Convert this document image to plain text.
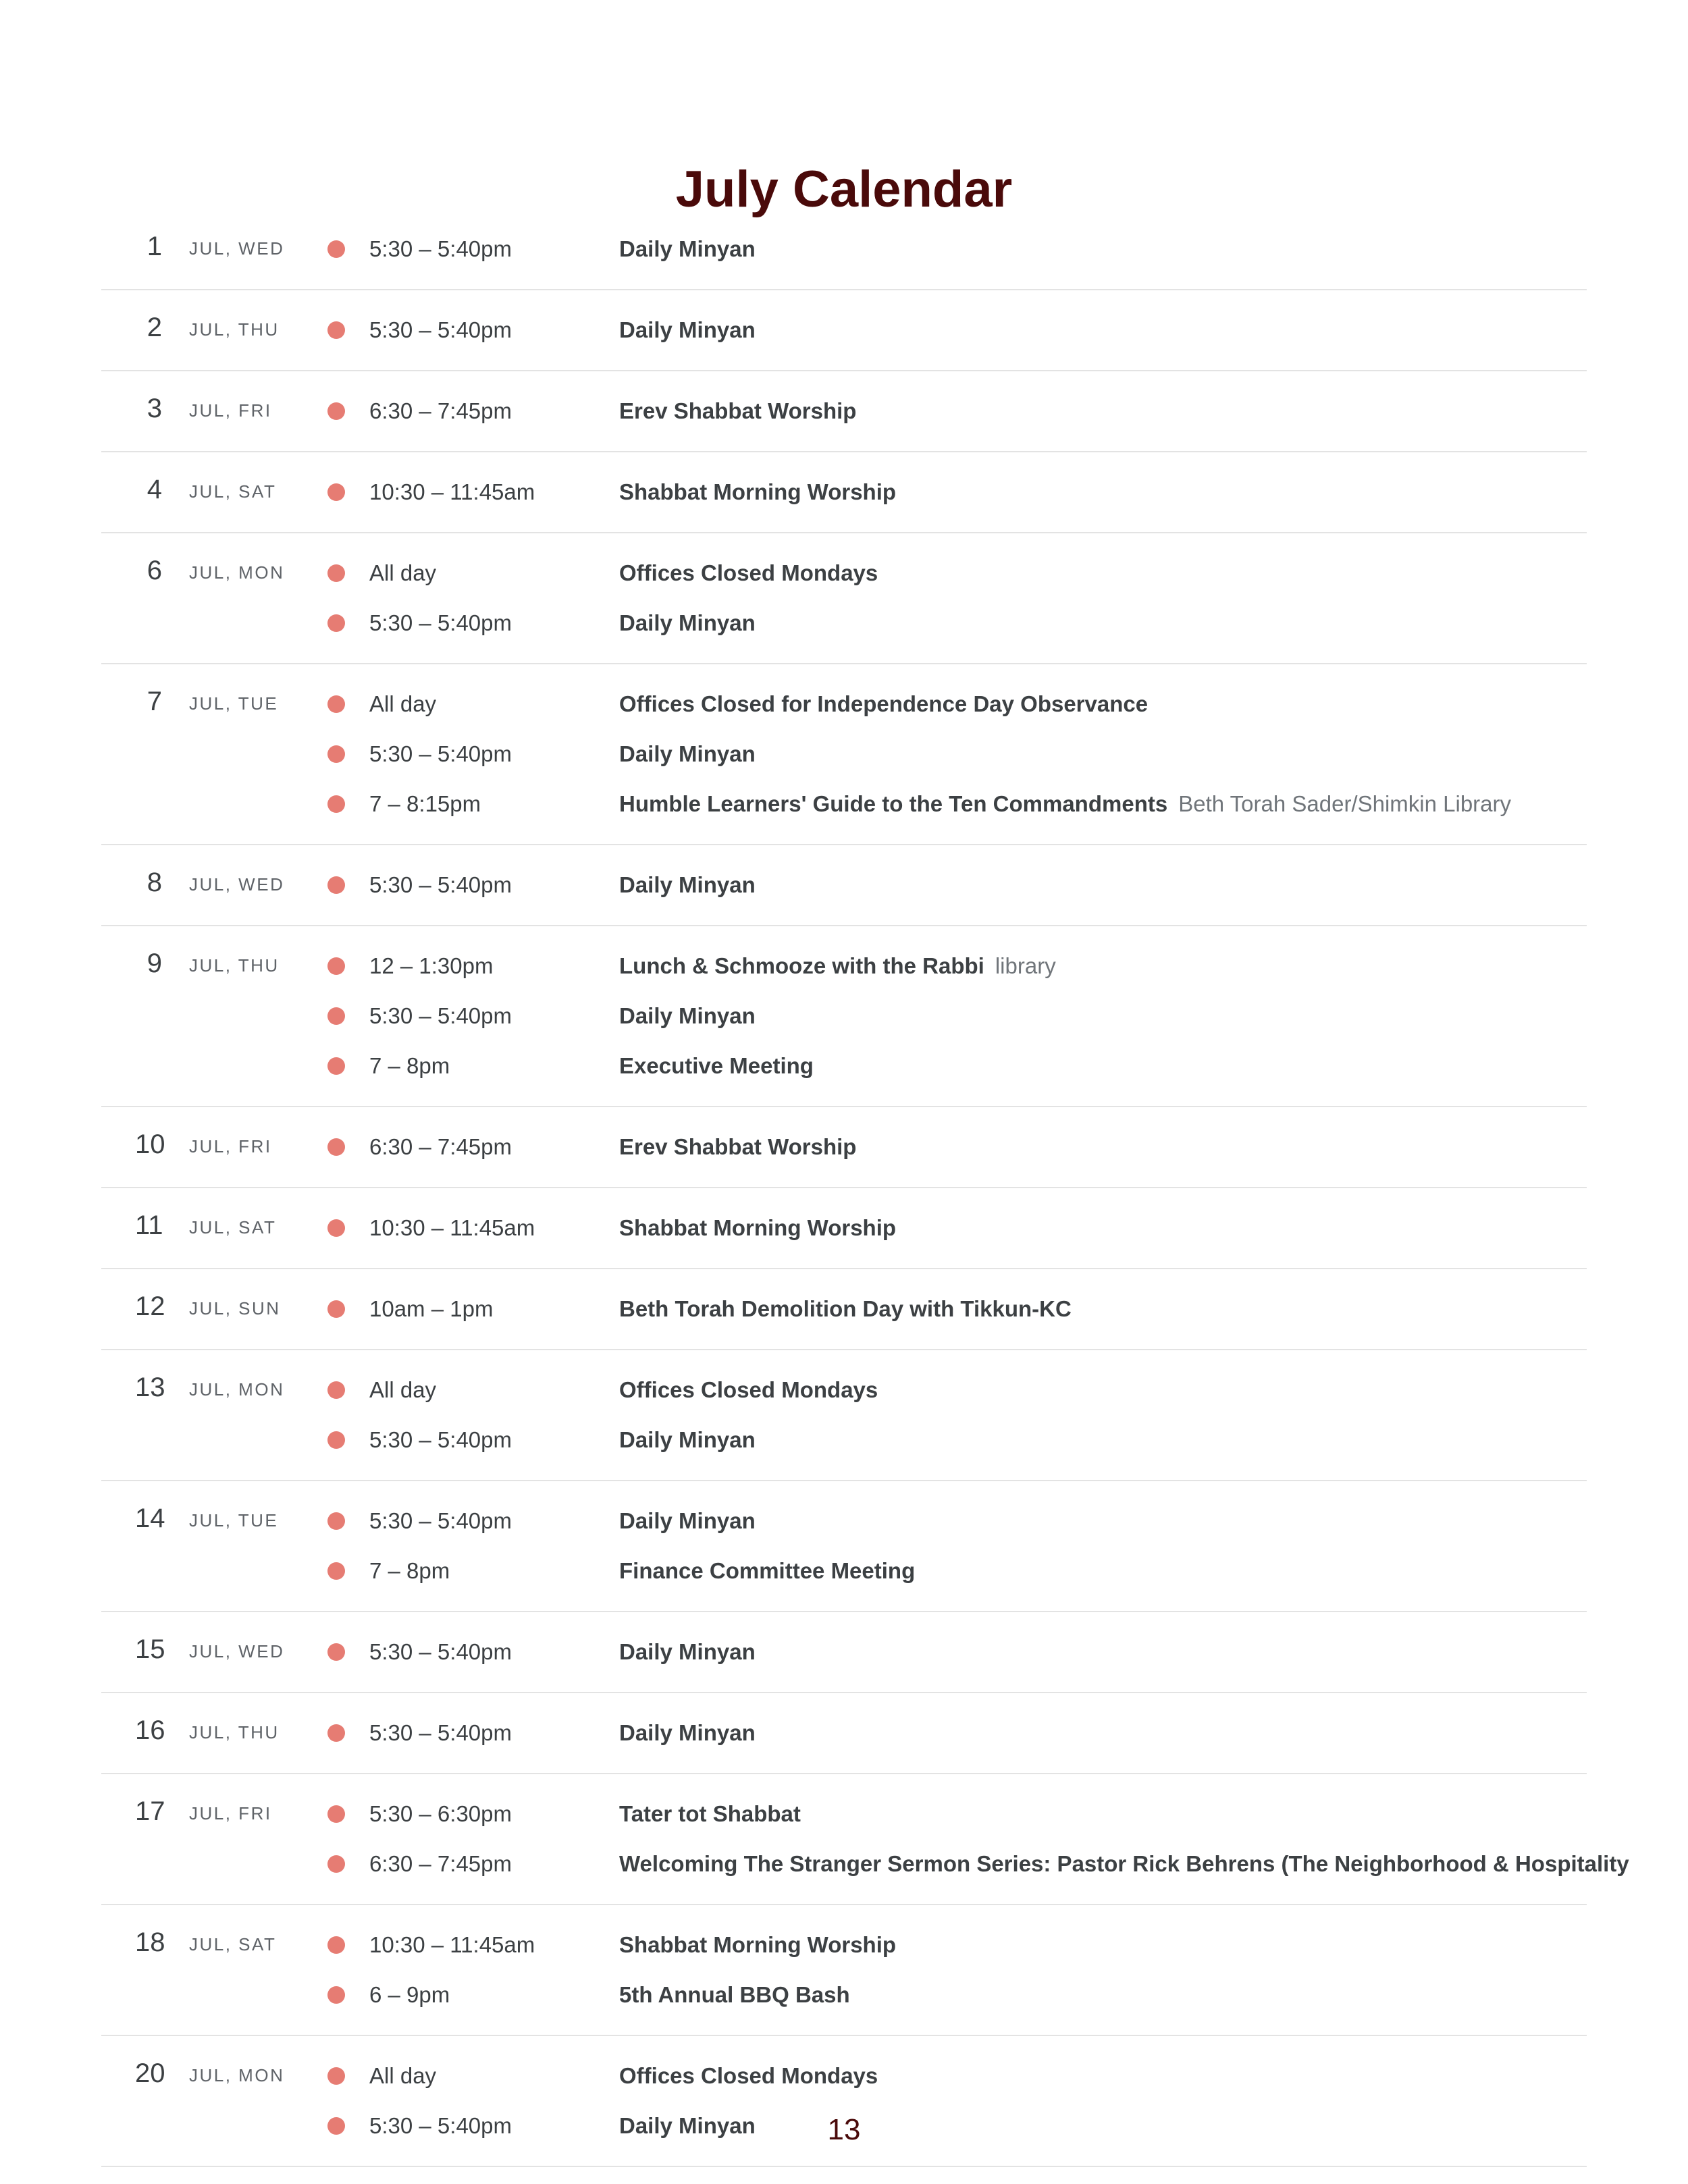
July Calendar
1 JUL, WED	5:30 – 5:40pm	Daily Minyan
2 JUL, THU	5:30 – 5:40pm	Daily Minyan
3 JUL, FRI	6:30 – 7:45pm	Erev Shabbat Worship
4 JUL, SAT	10:30 – 11:45am	Shabbat Morning Worship
6 JUL, MON	All day	Offices Closed Mondays
5:30 – 5:40pm	Daily Minyan
7 JUL, TUE	All day	Offices Closed for Independence Day Observance
5:30 – 5:40pm	Daily Minyan
7 – 8:15pm	Humble Learners' Guide to the Ten Commandments Beth Torah Sader/Shimkin Library
8 JUL, WED	5:30 – 5:40pm	Daily Minyan
9 JUL, THU	12 – 1:30pm	Lunch & Schmooze with the Rabbi library
5:30 – 5:40pm	Daily Minyan
7 – 8pm	Executive Meeting
10 JUL, FRI	6:30 – 7:45pm	Erev Shabbat Worship
11 JUL, SAT	10:30 – 11:45am	Shabbat Morning Worship
12 JUL, SUN	10am – 1pm	Beth Torah Demolition Day with Tikkun-KC
13 JUL, MON	All day	Offices Closed Mondays
5:30 – 5:40pm	Daily Minyan
14 JUL, TUE	5:30 – 5:40pm	Daily Minyan
7 – 8pm	Finance Committee Meeting
15 JUL, WED	5:30 – 5:40pm	Daily Minyan
16 JUL, THU	5:30 – 5:40pm	Daily Minyan
17 JUL, FRI	5:30 – 6:30pm	Tater tot Shabbat
6:30 – 7:45pm	Welcoming The Stranger Sermon Series: Pastor Rick Behrens (The Neighborhood & Hospitality
18 JUL, SAT	10:30 – 11:45am	Shabbat Morning Worship
6 – 9pm	5th Annual BBQ Bash
20 JUL, MON	All day	Offices Closed Mondays
5:30 – 5:40pm	Daily Minyan	13
